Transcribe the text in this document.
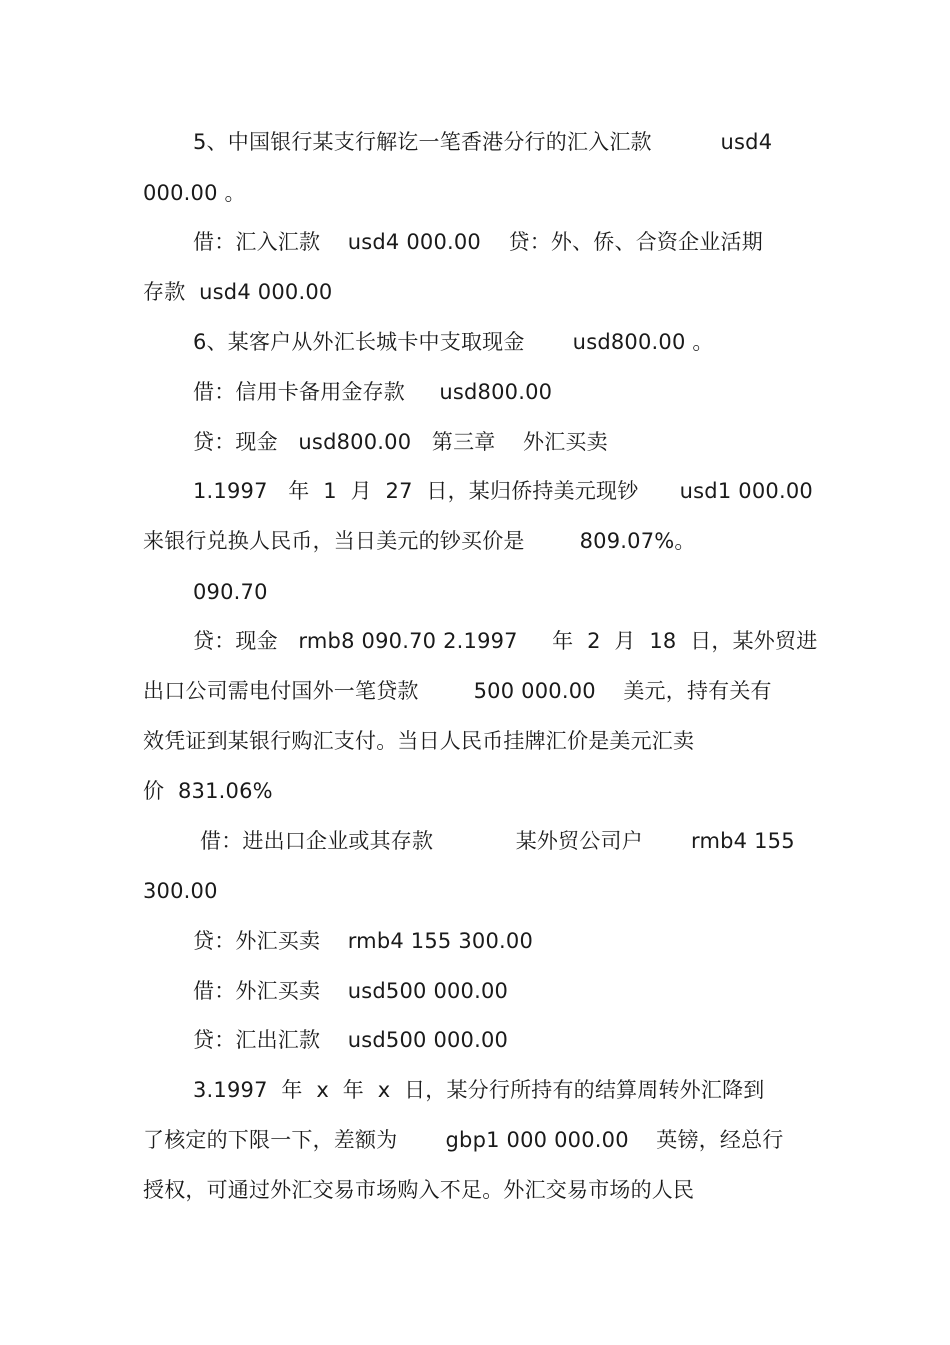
5、中国银行某支行解讫一笔香港分行的汇入汇款          usd4
000.00 。
借：汇入汇款    usd4 000.00    贷：外、侨、合资企业活期
存款  usd4 000.00
6、某客户从外汇长城卡中支取现金       usd800.00 。
借：信用卡备用金存款     usd800.00
贷：现金   usd800.00   第三章    外汇买卖
1.1997   年  1  月  27  日，某归侨持美元现钞      usd1 000.00
来银行兑换人民币，当日美元的钞买价是        809.07%。
090.70
贷：现金   rmb8 090.70 2.1997     年  2  月  18  日，某外贸进
出口公司需电付国外一笔贷款        500 000.00    美元，持有关有
效凭证到某银行购汇支付。当日人民币挂牌汇价是美元汇卖
价  831.06%
借：进出口企业或其存款            某外贸公司户       rmb4 155
300.00
贷：外汇买卖    rmb4 155 300.00
借：外汇买卖    usd500 000.00
贷：汇出汇款    usd500 000.00
3.1997  年  x  年  x  日，某分行所持有的结算周转外汇降到
了核定的下限一下，差额为       gbp1 000 000.00    英镑，经总行
授权，可通过外汇交易市场购入不足。外汇交易市场的人民
